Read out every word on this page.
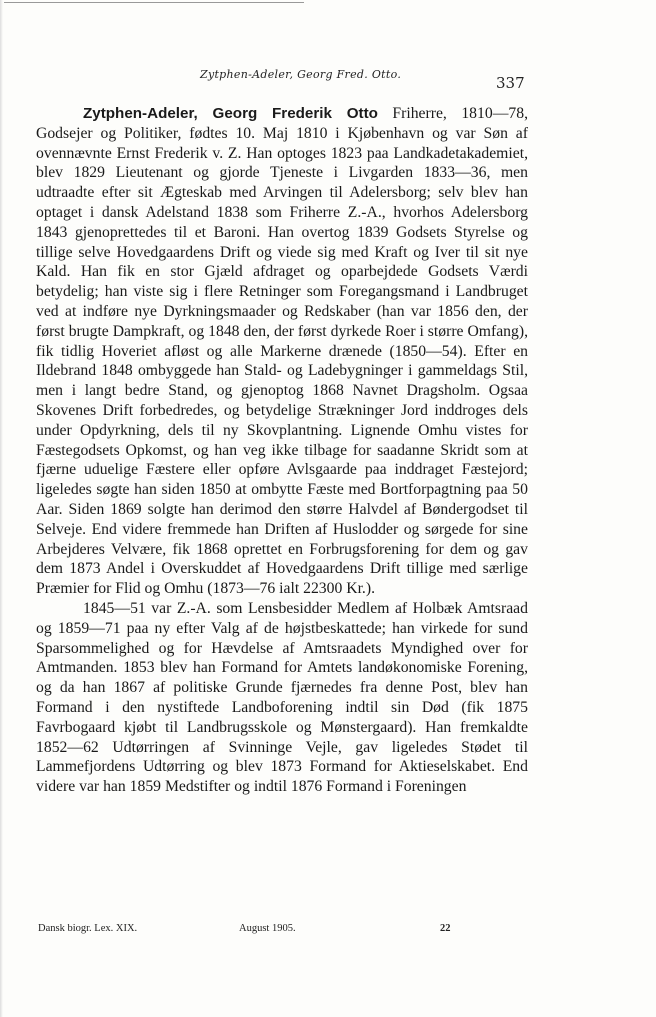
Zytphen-Adeler, Georg Fred. Otto.	337

Zytphen-Adeler, Georg Frederik Otto Friherre, 1810—78, Godsejer og Politiker, fødtes 10. Maj 1810 i Kjøbenhavn og var Søn af ovennævnte Ernst Frederik v. Z. Han optoges 1823 paa Landkadetakademiet, blev 1829 Lieutenant og gjorde Tjeneste i Livgarden 1833—36, men udtraadte efter sit Ægteskab med Arvingen til Adelersborg; selv blev han optaget i dansk Adelstand 1838 som Friherre Z.-A., hvorhos Adelersborg 1843 gjenoprettedes til et Baroni. Han overtog 1839 Godsets Styrelse og tillige selve Hovedgaardens Drift og viede sig med Kraft og Iver til sit nye Kald. Han fik en stor Gjæld afdraget og oparbejdede Godsets Værdi betydelig; han viste sig i flere Retninger som Foregangsmand i Landbruget ved at indføre nye Dyrkningsmaader og Redskaber (han var 1856 den, der først brugte Dampkraft, og 1848 den, der først dyrkede Roer i større Omfang), fik tidlig Hoveriet afløst og alle Markerne drænede (1850—54). Efter en Ildebrand 1848 ombyggede han Stald- og Ladebygninger i gammeldags Stil, men i langt bedre Stand, og gjenoptog 1868 Navnet Dragsholm. Ogsaa Skovenes Drift forbedredes, og betydelige Strækninger Jord inddroges dels under Opdyrkning, dels til ny Skovplantning. Lignende Omhu vistes for Fæstegodsets Opkomst, og han veg ikke tilbage for saadanne Skridt som at fjærne uduelige Fæstere eller opføre Avlsgaarde paa inddraget Fæstejord; ligeledes søgte han siden 1850 at ombytte Fæste med Bortforpagtning paa 50 Aar. Siden 1869 solgte han derimod den større Halvdel af Bøndergodset til Selveje. End videre fremmede han Driften af Huslodder og sørgede for sine Arbejderes Velvære, fik 1868 oprettet en Forbrugsforening for dem og gav dem 1873 Andel i Overskuddet af Hovedgaardens Drift tillige med særlige Præmier for Flid og Omhu (1873—76 ialt 22300 Kr.).

1845—51 var Z.-A. som Lensbesidder Medlem af Holbæk Amtsraad og 1859—71 paa ny efter Valg af de højstbeskattede; han virkede for sund Sparsommelighed og for Hævdelse af Amtsraadets Myndighed over for Amtmanden. 1853 blev han Formand for Amtets landøkonomiske Forening, og da han 1867 af politiske Grunde fjærnedes fra denne Post, blev han Formand i den nystiftede Landboforening indtil sin Død (fik 1875 Favrbogaard kjøbt til Landbrugsskole og Mønstergaard). Han fremkaldte 1852—62 Udtørringen af Svinninge Vejle, gav ligeledes Stødet til Lammefjordens Udtørring og blev 1873 Formand for Aktieselskabet. End videre var han 1859 Medstifter og indtil 1876 Formand i Foreningen

Dansk biogr. Lex. XIX.	August 1905.	22
